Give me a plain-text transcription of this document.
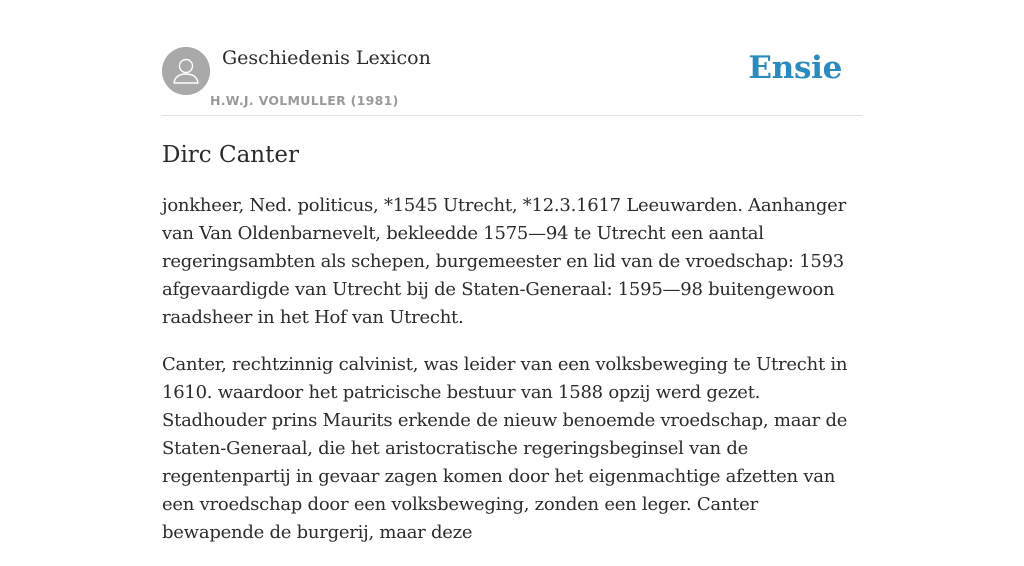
Geschiedenis Lexicon
H.W.J. VOLMULLER (1981)
Ensie
Dirc Canter

jonkheer, Ned. politicus, *1545 Utrecht, *12.3.1617 Leeuwarden. Aanhanger van Van Oldenbarnevelt, bekleedde 1575—94 te Utrecht een aantal regeringsambten als schepen, burgemeester en lid van de vroedschap: 1593 afgevaardigde van Utrecht bij de Staten-Generaal: 1595—98 buitengewoon raadsheer in het Hof van Utrecht.

Canter, rechtzinnig calvinist, was leider van een volksbeweging te Utrecht in 1610. waardoor het patricische bestuur van 1588 opzij werd gezet. Stadhouder prins Maurits erkende de nieuw benoemde vroedschap, maar de Staten-Generaal, die het aristocratische regeringsbeginsel van de regentenpartij in gevaar zagen komen door het eigenmachtige afzetten van een vroedschap door een volksbeweging, zonden een leger. Canter bewapende de burgerij, maar deze
